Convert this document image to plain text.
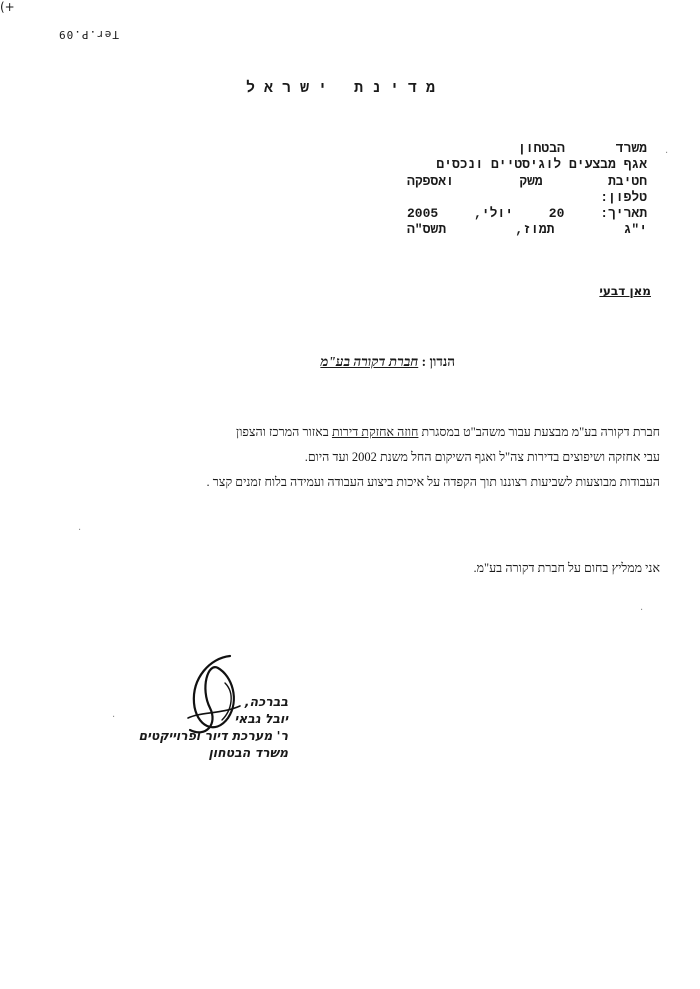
(+
Ter.Ρ.09
מדינת ישראל
משרד
הבטחון
אגף מבצעים לוגיסטיים ונכסים
חטיבת
משק
ואספקה
טלפון:
תאריך:
20
יולי,
2005
י"ג
תמוז,
תשס"ה
מאן דבעי
הנדון : חברת דקורה בע"מ

חברת דקורה בע"מ מבצעת עבור משהב"ט במסגרת חוזה אחזקת דירות באזור המרכז והצפון

עבי אחזקה ושיפוצים בדירות צה"ל ואגף השיקום החל משנת 2002 ועד היום.

העבודות מבוצעות לשביעות רצוננו תוך הקפדה על איכות ביצוע העבודה ועמידה בלוח זמנים קצר .

אני ממליץ בחום על חברת דקורה בע"מ.
בברכה,
יובל גבאי
ר' מערכת דיור ופרוייקטים
משרד הבטחון
·
·
·
·
